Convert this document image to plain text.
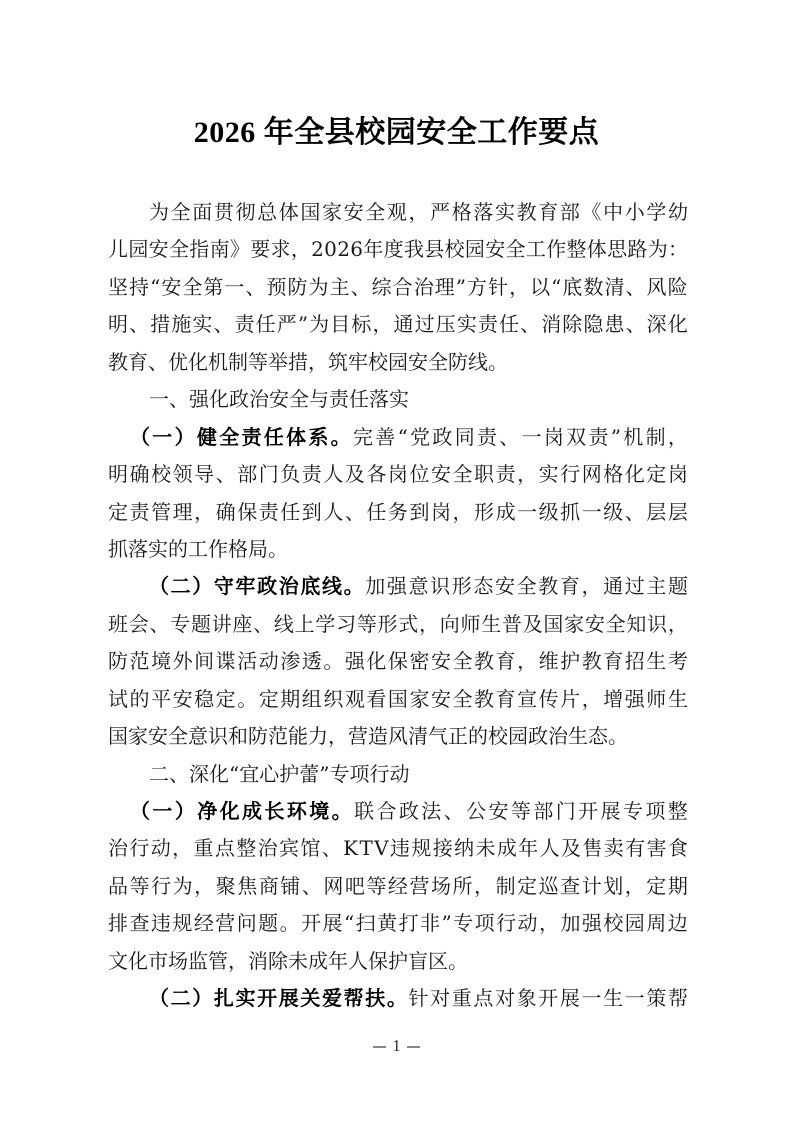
2026 年全县校园安全工作要点
为 全 面 贯 彻 总 体 国 家 安 全 观 ， 严 格 落 实 教 育 部 《 中 小 学 幼
儿 园 安 全 指 南 》 要 求 ， 2 0 2 6 年 度 我 县 校 园 安 全 工 作 整 体 思 路 为 ：
坚 持 “ 安 全 第 一 、 预 防 为 主 、 综 合 治 理 ” 方 针 ， 以 “ 底 数 清 、 风 险
明 、 措 施 实 、 责 任 严 ” 为 目 标 ， 通 过 压 实 责 任 、 消 除 隐 患 、 深 化
教育、优化机制等举措，筑牢校园安全防线。
一、强化政治安全与责任落实
（ 一 ） 健 全 责 任 体 系 。 完 善 “ 党 政 同 责 、 一 岗 双 责 ” 机 制 ，
明 确 校 领 导 、 部 门 负 责 人 及 各 岗 位 安 全 职 责 ， 实 行 网 格 化 定 岗
定 责 管 理 ， 确 保 责 任 到 人 、 任 务 到 岗 ， 形 成 一 级 抓 一 级 、 层 层
抓落实的工作格局。
（ 二 ） 守 牢 政 治 底 线 。 加 强 意 识 形 态 安 全 教 育 ， 通 过 主 题
班 会 、 专 题 讲 座 、 线 上 学 习 等 形 式 ， 向 师 生 普 及 国 家 安 全 知 识 ，
防 范 境 外 间 谍 活 动 渗 透 。 强 化 保 密 安 全 教 育 ， 维 护 教 育 招 生 考
试 的 平 安 稳 定 。 定 期 组 织 观 看 国 家 安 全 教 育 宣 传 片 ， 增 强 师 生
国家安全意识和防范能力，营造风清气正的校园政治生态。
二、深化“宜心护蕾”专项行动
（ 一 ） 净 化 成 长 环 境 。 联 合 政 法 、 公 安 等 部 门 开 展 专 项 整
治 行 动 ， 重 点 整 治 宾 馆 、 K T V 违 规 接 纳 未 成 年 人 及 售 卖 有 害 食
品 等 行 为 ， 聚 焦 商 铺 、 网 吧 等 经 营 场 所 ， 制 定 巡 查 计 划 ， 定 期
排 查 违 规 经 营 问 题 。 开 展 “ 扫 黄 打 非 ” 专 项 行 动 ， 加 强 校 园 周 边
文化市场监管，消除未成年人保护盲区。
（ 二 ） 扎 实 开 展 关 爱 帮 扶 。 针 对 重 点 对 象 开 展 一 生 一 策 帮
1
